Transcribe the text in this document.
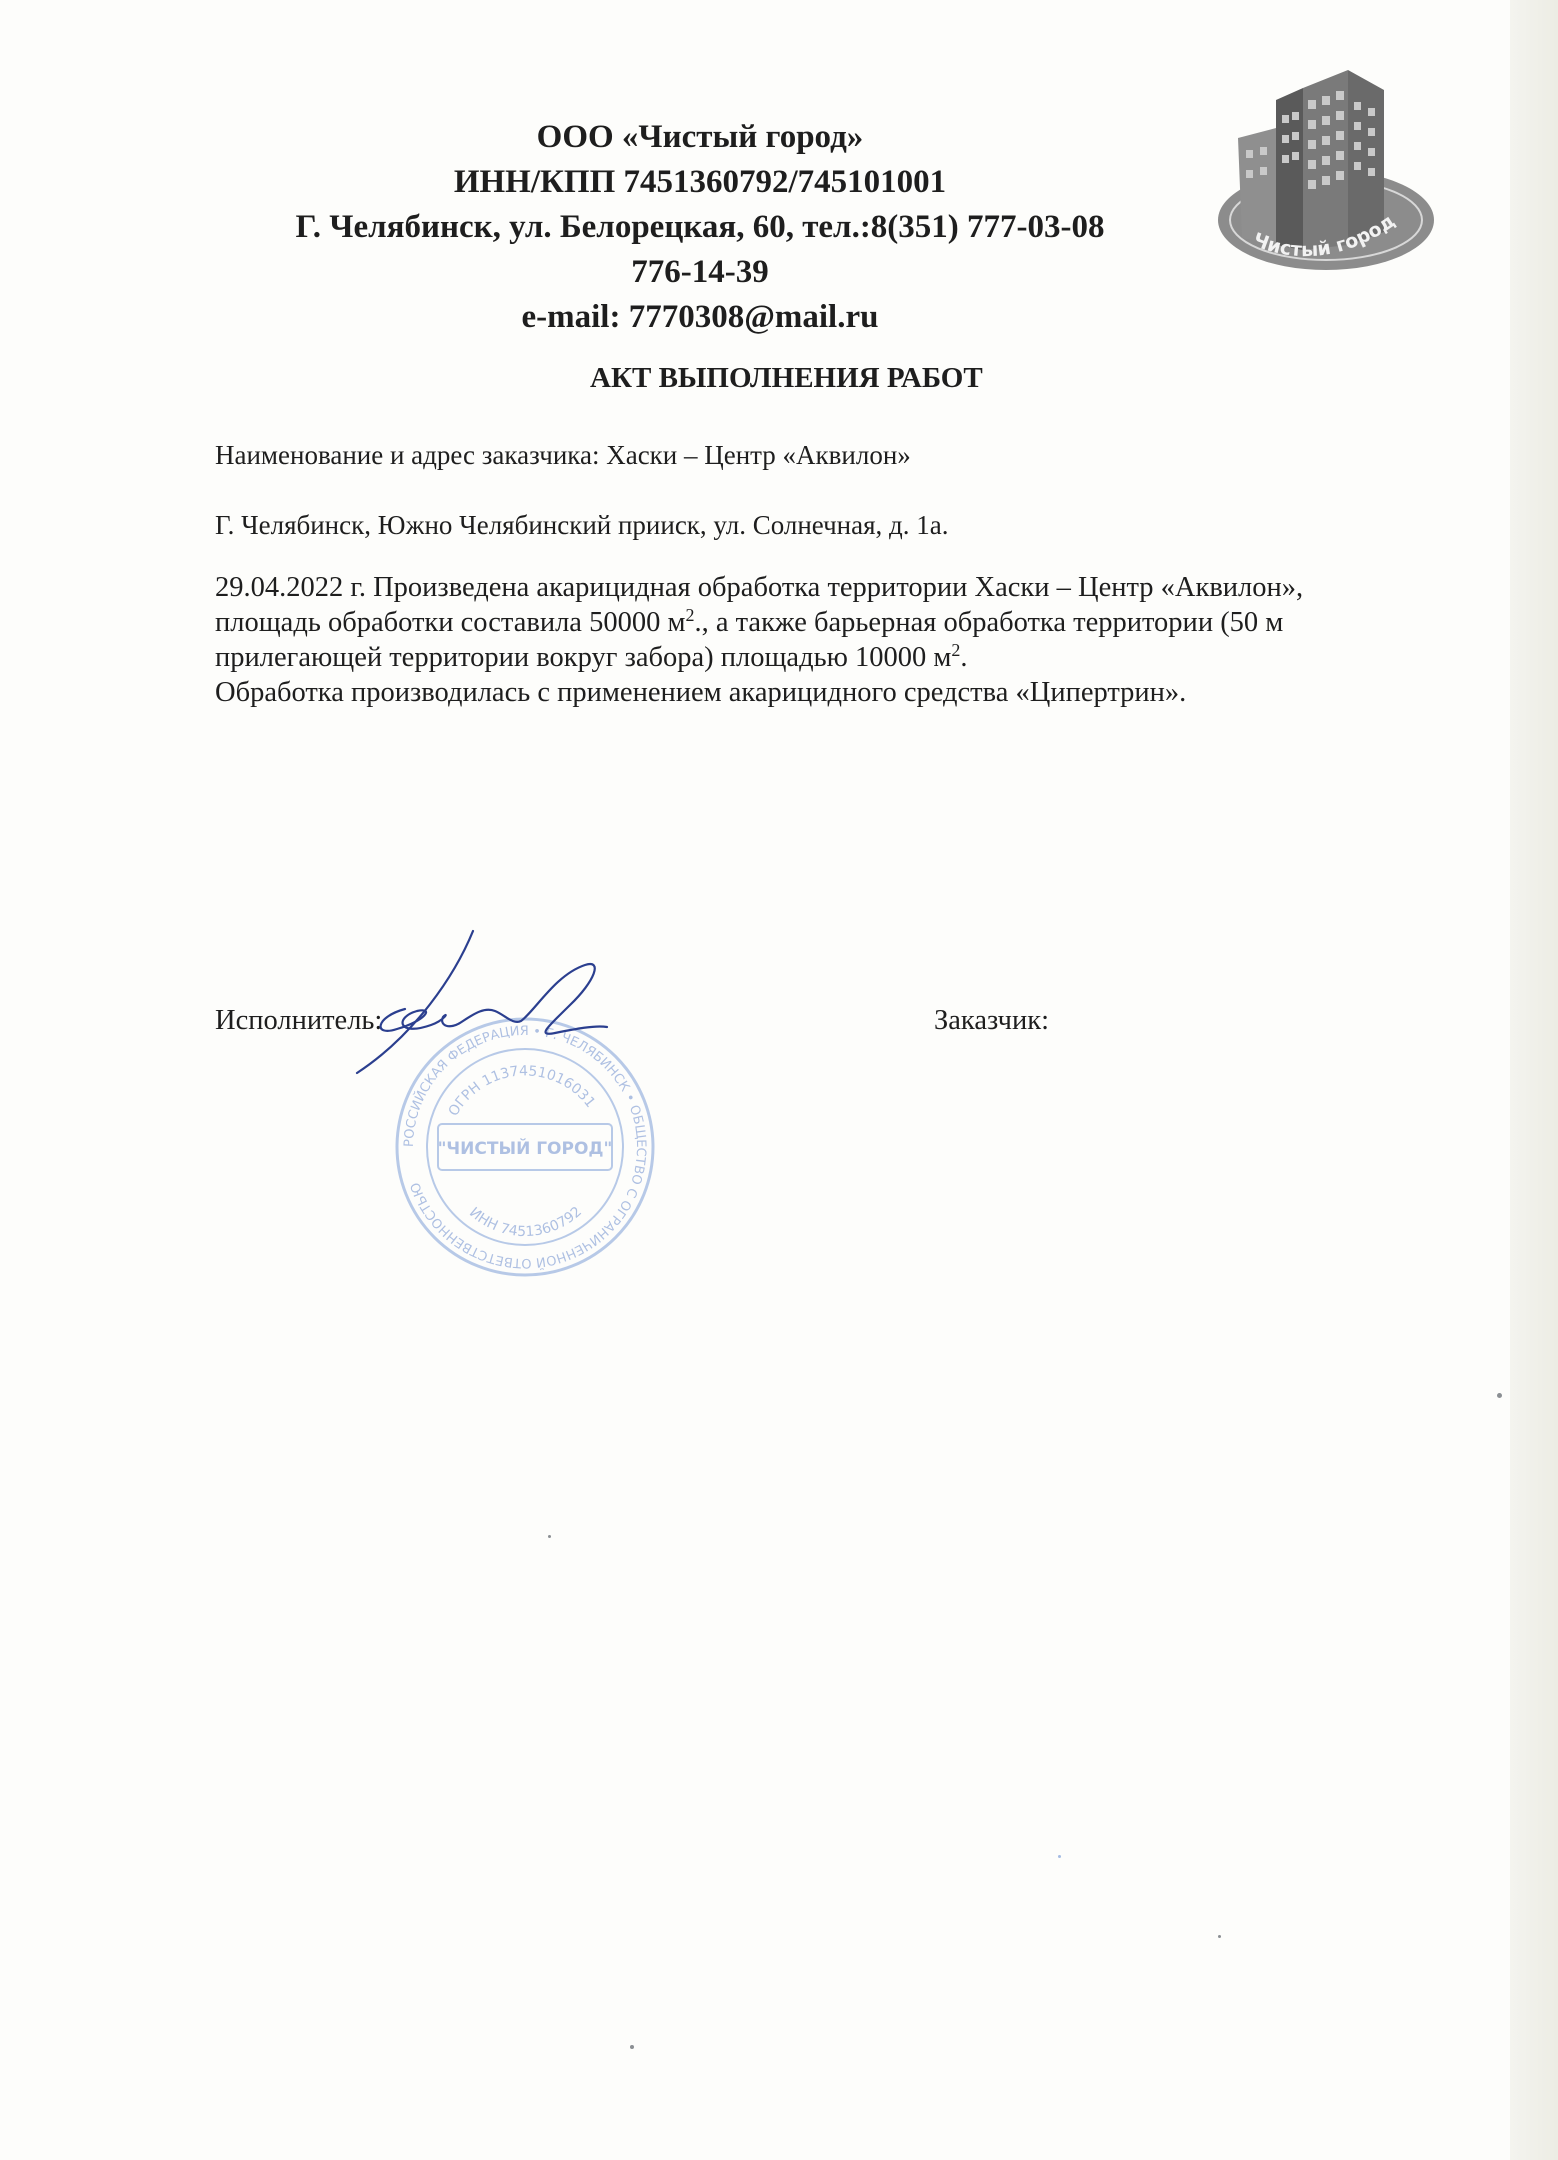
ООО «Чистый город»
ИНН/КПП 7451360792/745101001
Г. Челябинск, ул. Белорецкая, 60, тел.:8(351) 777-03-08
776-14-39
e-mail: 7770308@mail.ru
Чистый город
АКТ ВЫПОЛНЕНИЯ РАБОТ
Наименование и адрес заказчика: Хаски – Центр «Аквилон»
Г. Челябинск, Южно Челябинский прииск, ул. Солнечная, д. 1а.
29.04.2022 г. Произведена акарицидная обработка территории Хаски – Центр «Аквилон»,
площадь обработки составила 50000 $м^2$., а также барьерная обработка территории (50 м
прилегающей территории вокруг забора) площадью 10000 $м^2$.
Обработка производилась с применением акарицидного средства «Ципертрин».
РОССИЙСКАЯ ФЕДЕРАЦИЯ • Г. ЧЕЛЯБИНСК • ОБЩЕСТВО С ОГРАНИЧЕННОЙ ОТВЕТСТВЕННОСТЬЮ
ОГРН 1137451016031
"ЧИСТЫЙ ГОРОД"
ИНН 7451360792
Исполнитель:	Заказчик:
